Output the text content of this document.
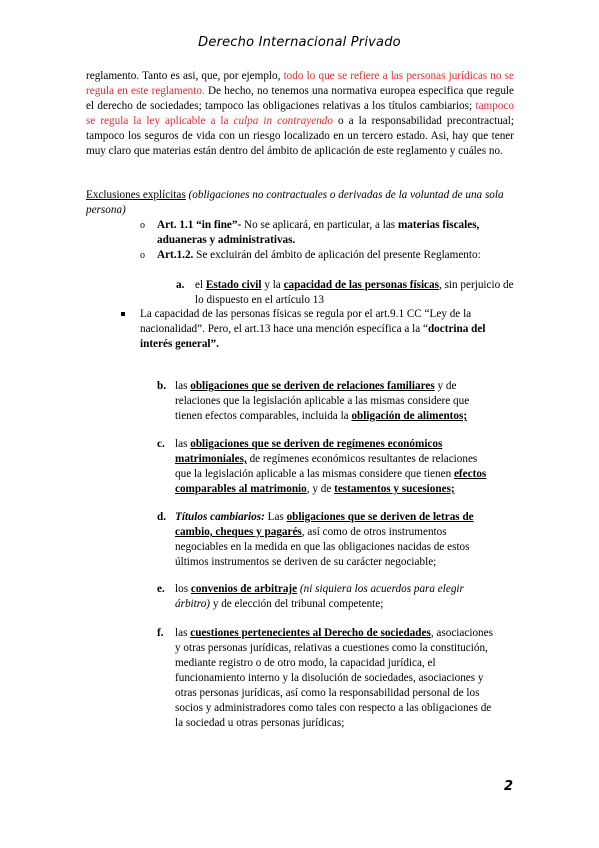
Derecho Internacional Privado
reglamento. Tanto es asi, que, por ejemplo, todo lo que se refiere a las personas jurídicas no se regula en este reglamento. De hecho, no tenemos una normativa europea especifica que regule el derecho de sociedades; tampoco las obligaciones relativas a los títulos cambiarios; tampoco se regula la ley aplicable a la culpa in contrayendo o a la responsabilidad precontractual; tampoco los seguros de vida con un riesgo localizado en un tercero estado. Asi, hay que tener muy claro que materias están dentro del ámbito de aplicación de este reglamento y cuáles no.
Exclusiones explícitas (obligaciones no contractuales o derivadas de la voluntad de una sola persona)
o Art. 1.1 “in fine”- No se aplicará, en particular, a las materias fiscales, aduaneras y administrativas.
o Art.1.2. Se excluirán del ámbito de aplicación del presente Reglamento:
a. el Estado civil y la capacidad de las personas físicas, sin perjuicio de lo dispuesto en el artículo 13
La capacidad de las personas físicas se regula por el art.9.1 CC “Ley de la nacionalidad”. Pero, el art.13 hace una mención específica a la “doctrina del interés general”.
b. las obligaciones que se deriven de relaciones familiares y de relaciones que la legislación aplicable a las mismas considere que tienen efectos comparables, incluida la obligación de alimentos;
c. las obligaciones que se deriven de regímenes económicos matrimoniales, de regímenes económicos resultantes de relaciones que la legislación aplicable a las mismas considere que tienen efectos comparables al matrimonio, y de testamentos y sucesiones;
d. Títulos cambiarios: Las obligaciones que se deriven de letras de cambio, cheques y pagarés, así como de otros instrumentos negociables en la medida en que las obligaciones nacidas de estos últimos instrumentos se deriven de su carácter negociable;
e. los convenios de arbitraje (ni siquiera los acuerdos para elegir árbitro) y de elección del tribunal competente;
f. las cuestiones pertenecientes al Derecho de sociedades, asociaciones y otras personas jurídicas, relativas a cuestiones como la constitución, mediante registro o de otro modo, la capacidad jurídica, el funcionamiento interno y la disolución de sociedades, asociaciones y otras personas jurídicas, así como la responsabilidad personal de los socios y administradores como tales con respecto a las obligaciones de la sociedad u otras personas jurídicas;
2
